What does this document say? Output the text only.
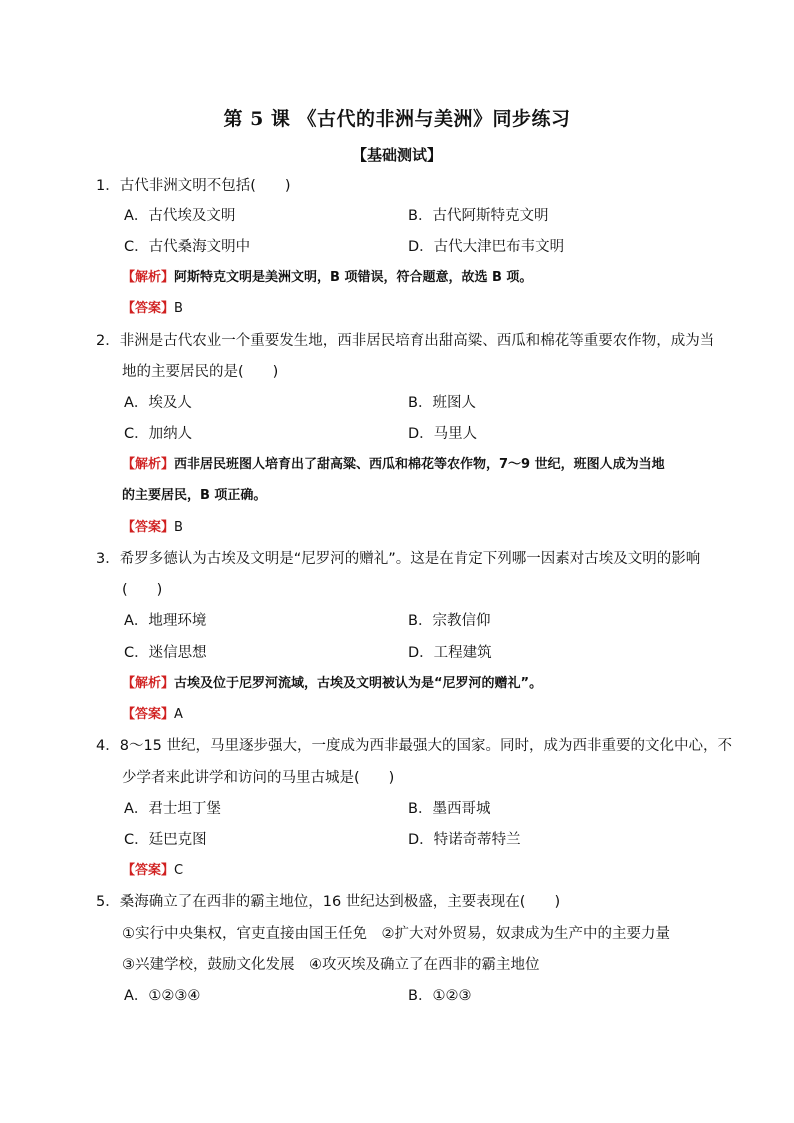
第 5 课 《古代的非洲与美洲》同步练习
【基础测试】
1．古代非洲文明不包括(　　)
A．古代埃及文明	B．古代阿斯特克文明
C．古代桑海文明中	D．古代大津巴布韦文明
【解析】阿斯特克文明是美洲文明，B 项错误，符合题意，故选 B 项。
【答案】B
2．非洲是古代农业一个重要发生地，西非居民培育出甜高粱、西瓜和棉花等重要农作物，成为当
地的主要居民的是(　　)
A．埃及人	B．班图人
C．加纳人	D．马里人
【解析】西非居民班图人培育出了甜高粱、西瓜和棉花等农作物，7～9 世纪，班图人成为当地
的主要居民，B 项正确。
【答案】B
3．希罗多德认为古埃及文明是“尼罗河的赠礼”。这是在肯定下列哪一因素对古埃及文明的影响
(　　)
A．地理环境	B．宗教信仰
C．迷信思想	D．工程建筑
【解析】古埃及位于尼罗河流域，古埃及文明被认为是“尼罗河的赠礼”。
【答案】A
4．8～15 世纪，马里逐步强大，一度成为西非最强大的国家。同时，成为西非重要的文化中心，不
少学者来此讲学和访问的马里古城是(　　)
A．君士坦丁堡	B．墨西哥城
C．廷巴克图	D．特诺奇蒂特兰
【答案】C
5．桑海确立了在西非的霸主地位，16 世纪达到极盛，主要表现在(　　)
①实行中央集权，官吏直接由国王任免　②扩大对外贸易，奴隶成为生产中的主要力量
③兴建学校，鼓励文化发展　④攻灭埃及确立了在西非的霸主地位
A．①②③④	B．①②③
